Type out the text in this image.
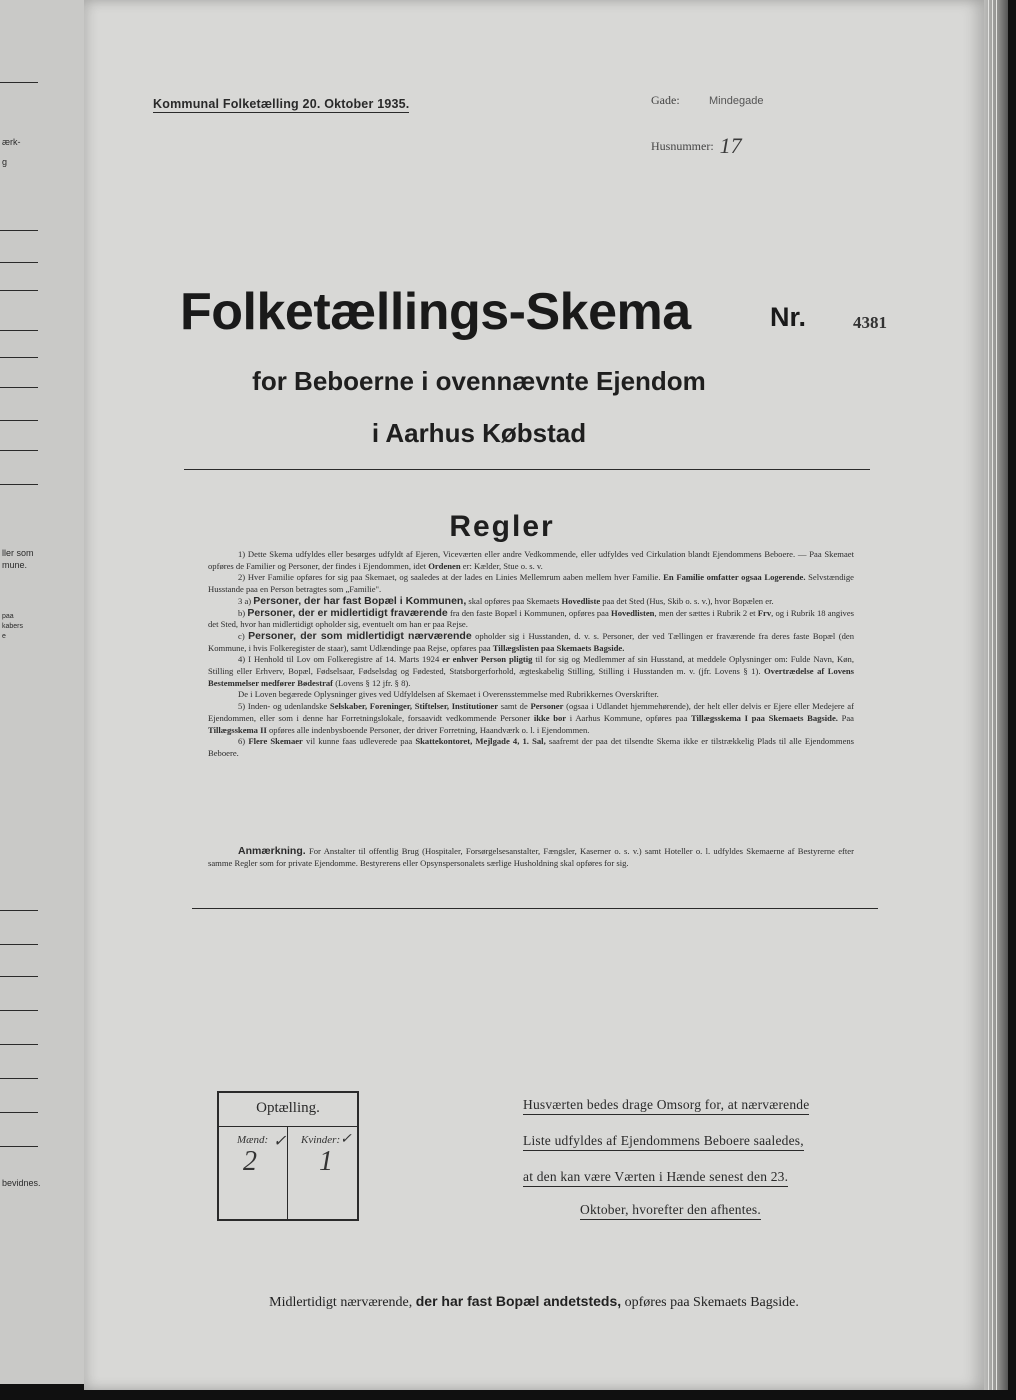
ærk-
g
ller som
mune.
paa
kabers
e
bevidnes.
Kommunal Folketælling 20. Oktober 1935.	Gade:	Mindegade
Husnummer: 17
Folketællings-Skema	Nr.	4381
for Beboerne i ovennævnte Ejendom
i Aarhus Købstad
Regler

1) Dette Skema udfyldes eller besørges udfyldt af Ejeren, Viceværten eller andre Vedkommende, eller udfyldes ved Cirkulation blandt Ejendommens Beboere. — Paa Skemaet opføres de Familier og Personer, der findes i Ejendommen, idet Ordenen er: Kælder, Stue o. s. v.

2) Hver Familie opføres for sig paa Skemaet, og saaledes at der lades en Linies Mellemrum aaben mellem hver Familie. En Familie omfatter ogsaa Logerende. Selvstændige Husstande paa en Person betragtes som „Familie".

3 a) Personer, der har fast Bopæl i Kommunen, skal opføres paa Skemaets Hovedliste paa det Sted (Hus, Skib o. s. v.), hvor Bopælen er.

b) Personer, der er midlertidigt fraværende fra den faste Bopæl i Kommunen, opføres paa Hovedlisten, men der sættes i Rubrik 2 et Frv, og i Rubrik 18 angives det Sted, hvor han midlertidigt opholder sig, eventuelt om han er paa Rejse.

c) Personer, der som midlertidigt nærværende opholder sig i Husstanden, d. v. s. Personer, der ved Tællingen er fraværende fra deres faste Bopæl (den Kommune, i hvis Folkeregister de staar), samt Udlændinge paa Rejse, opføres paa Tillægslisten paa Skemaets Bagside.

4) I Henhold til Lov om Folkeregistre af 14. Marts 1924 er enhver Person pligtig til for sig og Medlemmer af sin Husstand, at meddele Oplysninger om: Fulde Navn, Køn, Stilling eller Erhverv, Bopæl, Fødselsaar, Fødselsdag og Fødested, Statsborgerforhold, ægteskabelig Stilling, Stilling i Husstanden m. v. (jfr. Lovens § 1). Overtrædelse af Lovens Bestemmelser medfører Bødestraf (Lovens § 12 jfr. § 8).

De i Loven begærede Oplysninger gives ved Udfyldelsen af Skemaet i Overensstemmelse med Rubrikkernes Overskrifter.

5) Inden- og udenlandske Selskaber, Foreninger, Stiftelser, Institutioner samt de Personer (ogsaa i Udlandet hjemmehørende), der helt eller delvis er Ejere eller Medejere af Ejendommen, eller som i denne har Forretningslokale, forsaavidt vedkommende Personer ikke bor i Aarhus Kommune, opføres paa Tillægsskema I paa Skemaets Bagside. Paa Tillægsskema II opføres alle indenbysboende Personer, der driver Forretning, Haandværk o. l. i Ejendommen.

6) Flere Skemaer vil kunne faas udleverede paa Skattekontoret, Mejlgade 4, 1. Sal, saafremt der paa det tilsendte Skema ikke er tilstrækkelig Plads til alle Ejendommens Beboere.

Anmærkning. For Anstalter til offentlig Brug (Hospitaler, Forsørgelsesanstalter, Fængsler, Kaserner o. s. v.) samt Hoteller o. l. udfyldes Skemaerne af Bestyrerne efter samme Regler som for private Ejendomme. Bestyrerens eller Opsynspersonalets særlige Husholdning skal opføres for sig.
Optælling.
Mænd: ✓
2
Kvinder: ✓
1
Husværten bedes drage Omsorg for, at nærværende
Liste udfyldes af Ejendommens Beboere saaledes,
at den kan være Værten i Hænde senest den 23.
Oktober, hvorefter den afhentes.
Midlertidigt nærværende, der har fast Bopæl andetsteds, opføres paa Skemaets Bagside.
